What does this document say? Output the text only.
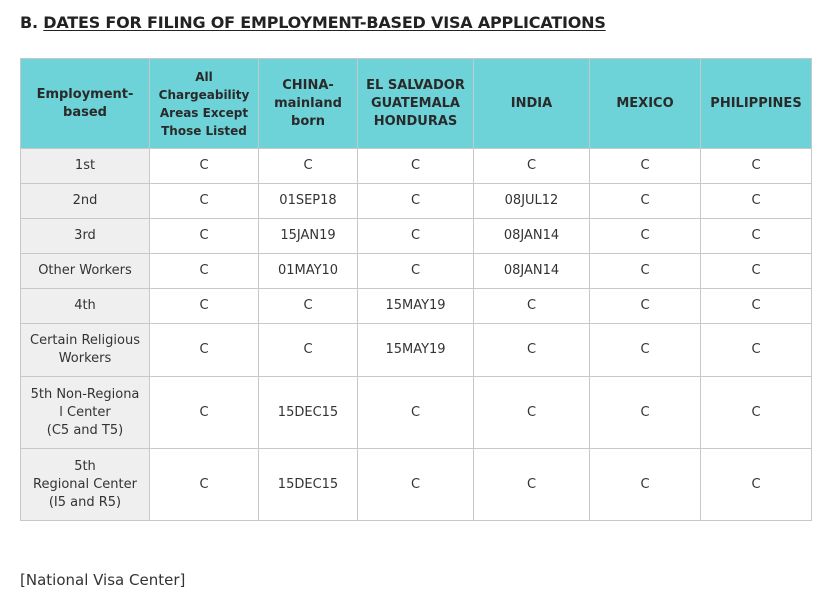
B. DATES FOR FILING OF EMPLOYMENT-BASED VISA APPLICATIONS
Employment-
based	All
Chargeability
Areas Except
Those Listed	CHINA-
mainland
born	EL SALVADOR
GUATEMALA
HONDURAS	INDIA	MEXICO	PHILIPPINES
1st	C	C	C	C	C	C
2nd	C	01SEP18	C	08JUL12	C	C
3rd	C	15JAN19	C	08JAN14	C	C
Other Workers	C	01MAY10	C	08JAN14	C	C
4th	C	C	15MAY19	C	C	C
Certain Religious
Workers	C	C	15MAY19	C	C	C
5th Non-Regiona
l Center
(C5 and T5)	C	15DEC15	C	C	C	C
5th
Regional Center
(I5 and R5)	C	15DEC15	C	C	C	C
[National Visa Center]
